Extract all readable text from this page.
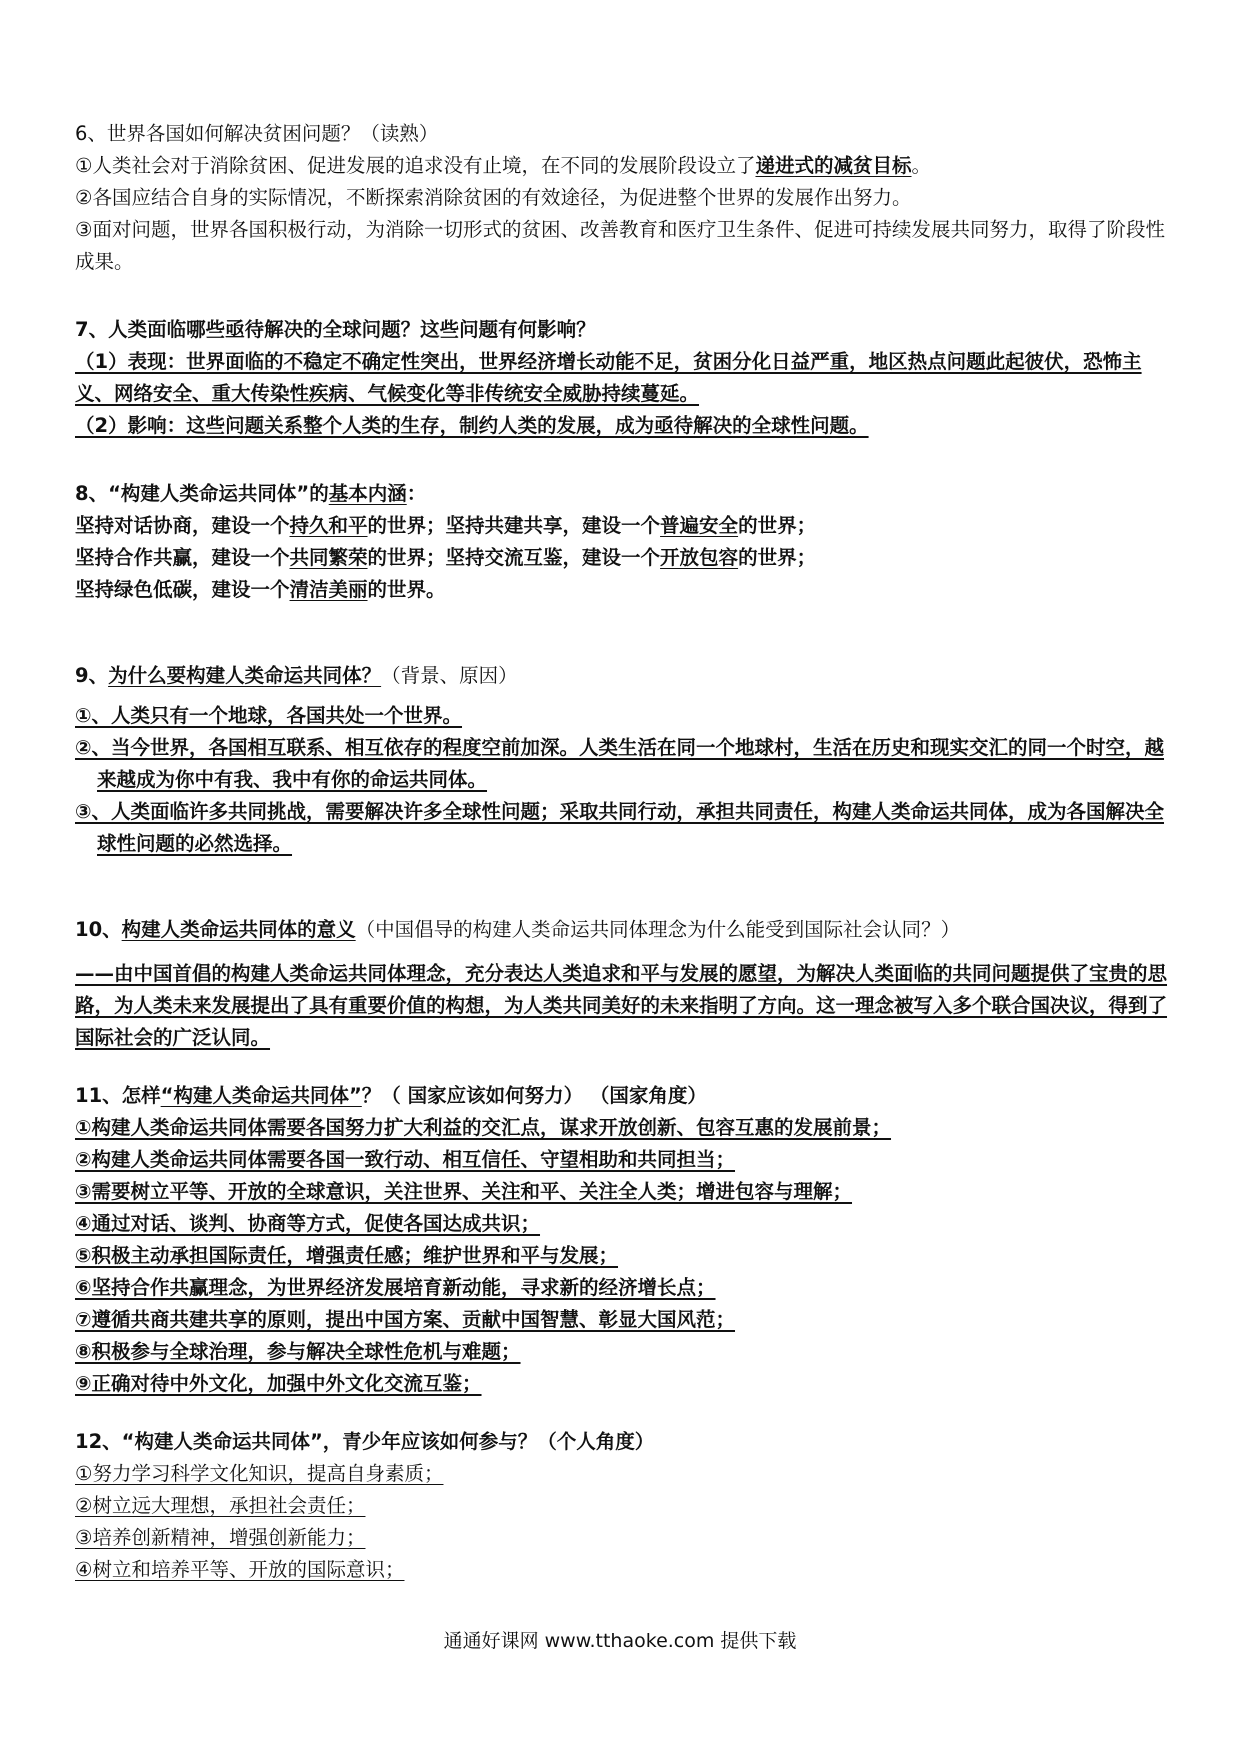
6、世界各国如何解决贫困问题？（读熟）
①人类社会对于消除贫困、促进发展的追求没有止境，在不同的发展阶段设立了递进式的减贫目标。
②各国应结合自身的实际情况，不断探索消除贫困的有效途径，为促进整个世界的发展作出努力。
③面对问题，世界各国积极行动，为消除一切形式的贫困、改善教育和医疗卫生条件、促进可持续发展共同努力，取得了阶段性成果。
7、人类面临哪些亟待解决的全球问题？这些问题有何影响？
（1）表现：世界面临的不稳定不确定性突出，世界经济增长动能不足，贫困分化日益严重，地区热点问题此起彼伏，恐怖主义、网络安全、重大传染性疾病、气候变化等非传统安全威胁持续蔓延。
（2）影响：这些问题关系整个人类的生存，制约人类的发展，成为亟待解决的全球性问题。
8、“构建人类命运共同体”的基本内涵：
坚持对话协商，建设一个持久和平的世界；坚持共建共享，建设一个普遍安全的世界；
坚持合作共赢，建设一个共同繁荣的世界；坚持交流互鉴，建设一个开放包容的世界；
坚持绿色低碳，建设一个清洁美丽的世界。
9、为什么要构建人类命运共同体？（背景、原因）
①、人类只有一个地球，各国共处一个世界。
②、当今世界，各国相互联系、相互依存的程度空前加深。人类生活在同一个地球村，生活在历史和现实交汇的同一个时空，越来越成为你中有我、我中有你的命运共同体。
③、人类面临许多共同挑战，需要解决许多全球性问题；采取共同行动，承担共同责任，构建人类命运共同体，成为各国解决全球性问题的必然选择。
10、构建人类命运共同体的意义（中国倡导的构建人类命运共同体理念为什么能受到国际社会认同？）
——由中国首倡的构建人类命运共同体理念，充分表达人类追求和平与发展的愿望，为解决人类面临的共同问题提供了宝贵的思路，为人类未来发展提出了具有重要价值的构想，为人类共同美好的未来指明了方向。这一理念被写入多个联合国决议，得到了国际社会的广泛认同。
11、怎样“构建人类命运共同体”？（ 国家应该如何努力） （国家角度）
①构建人类命运共同体需要各国努力扩大利益的交汇点，谋求开放创新、包容互惠的发展前景；
②构建人类命运共同体需要各国一致行动、相互信任、守望相助和共同担当；
③需要树立平等、开放的全球意识，关注世界、关注和平、关注全人类；增进包容与理解；
④通过对话、谈判、协商等方式，促使各国达成共识；
⑤积极主动承担国际责任，增强责任感；维护世界和平与发展；
⑥坚持合作共赢理念，为世界经济发展培育新动能，寻求新的经济增长点；
⑦遵循共商共建共享的原则，提出中国方案、贡献中国智慧、彰显大国风范；
⑧积极参与全球治理，参与解决全球性危机与难题；
⑨正确对待中外文化，加强中外文化交流互鉴；
12、“构建人类命运共同体”，青少年应该如何参与？（个人角度）
①努力学习科学文化知识，提高自身素质；
②树立远大理想，承担社会责任；
③培养创新精神，增强创新能力；
④树立和培养平等、开放的国际意识；
通通好课网 www.tthaoke.com 提供下载
